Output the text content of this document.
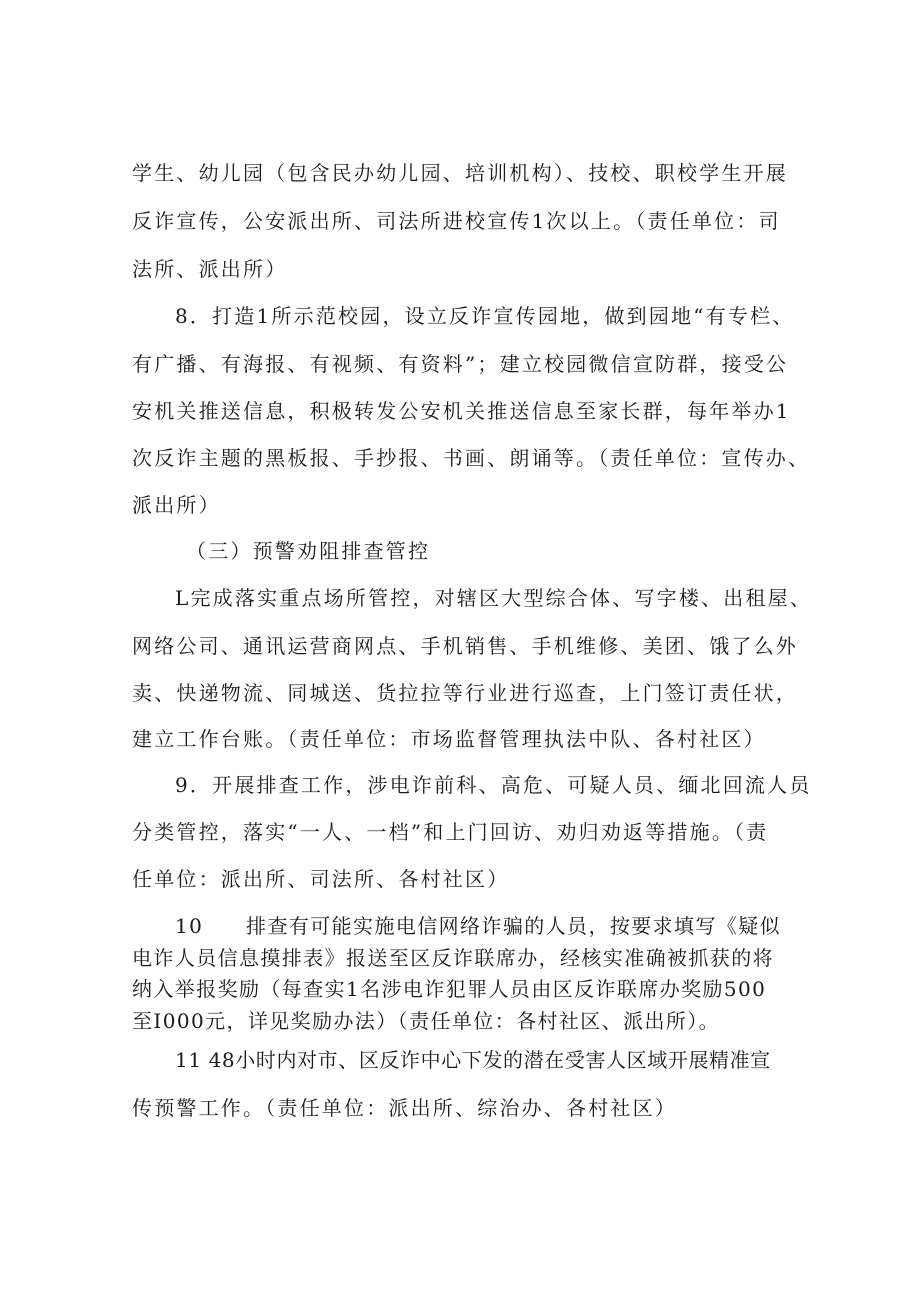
学生、幼儿园（包含民办幼儿园、培训机构）、技校、职校学生开展
反诈宣传，公安派出所、司法所进校宣传1次以上。（责任单位：司
法所、派出所）
8．打造1所示范校园，设立反诈宣传园地，做到园地“有专栏、
有广播、有海报、有视频、有资料”；建立校园微信宣防群，接受公
安机关推送信息，积极转发公安机关推送信息至家长群，每年举办1
次反诈主题的黑板报、手抄报、书画、朗诵等。（责任单位：宣传办、
派出所）
（三）预警劝阻排查管控
L完成落实重点场所管控，对辖区大型综合体、写字楼、出租屋、
网络公司、通讯运营商网点、手机销售、手机维修、美团、饿了么外
卖、快递物流、同城送、货拉拉等行业进行巡查，上门签订责任状，
建立工作台账。（责任单位：市场监督管理执法中队、各村社区）
9．开展排查工作，涉电诈前科、高危、可疑人员、缅北回流人员
分类管控，落实“一人、一档”和上门回访、劝归劝返等措施。（责
任单位：派出所、司法所、各村社区）
10　　排查有可能实施电信网络诈骗的人员，按要求填写《疑似
电诈人员信息摸排表》报送至区反诈联席办，经核实准确被抓获的将
纳入举报奖励（每查实1名涉电诈犯罪人员由区反诈联席办奖励500
至I000元，详见奖励办法）（责任单位：各村社区、派出所）。
11 48小时内对市、区反诈中心下发的潜在受害人区域开展精准宣
传预警工作。（责任单位：派出所、综治办、各村社区）
